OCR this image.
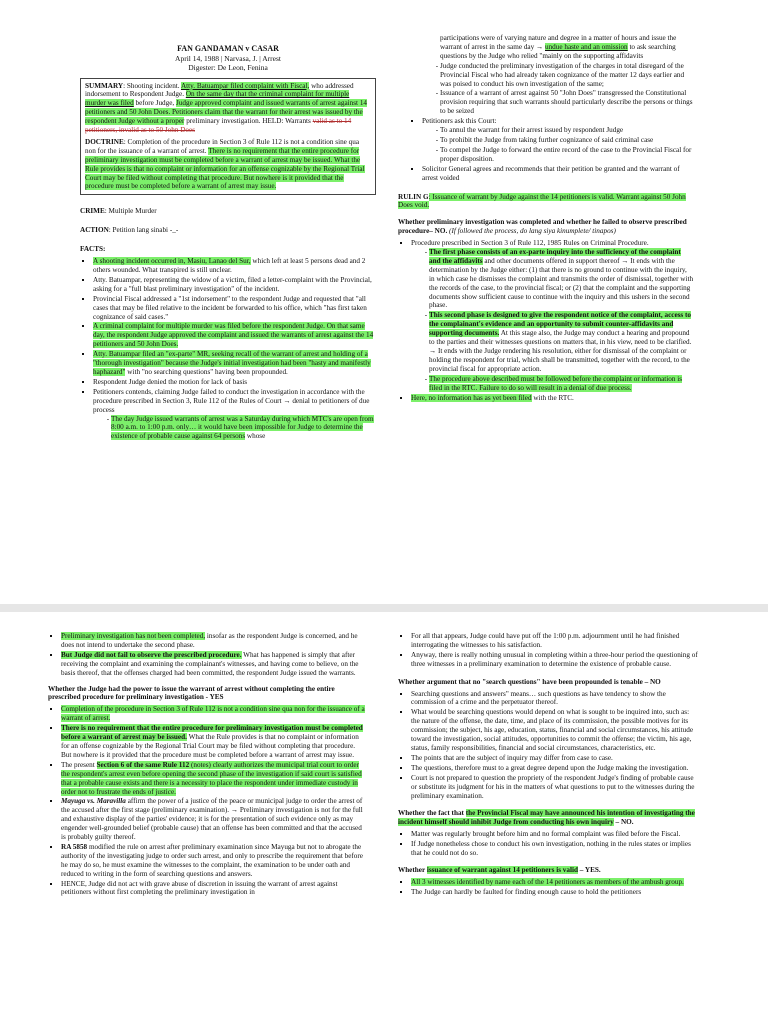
FAN GANDAMAN v CASAR
April 14, 1988 | Narvasa, J. | Arrest
Digester: De Leon, Fenina

SUMMARY: Shooting incident. Atty. Batuampar filed complaint with Fiscal, who addressed indorsement to Respondent Judge. On the same day that the criminal complaint for multiple murder was filed before Judge, Judge approved complaint and issued warrants of arrest against 14 petitioners and 50 John Does. Petitioners claim that the warrant for their arrest was issued by the respondent Judge without a proper preliminary investigation. HELD: Warrants valid as to 14 petitioners, invalid as to 50 John Does

DOCTRINE: Completion of the procedure in Section 3 of Rule 112 is not a condition sine qua non for the issuance of a warrant of arrest. There is no requirement that the entire procedure for preliminary investigation must be completed before a warrant of arrest may be issued. What the Rule provides is that no complaint or information for an offense cognizable by the Regional Trial Court may be filed without completing that procedure. But nowhere is it provided that the procedure must be completed before a warrant of arrest may issue.

CRIME: Multiple Murder
ACTION: Petition lang sinabi -_-
FACTS:
▪ A shooting incident occurred in, Masiu, Lanao del Sur, which left at least 5 persons dead and 2 others wounded. What transpired is still unclear.
▪ Atty. Batuampar, representing the widow of a victim, filed a letter-complaint with the Provincial, asking for a "full blast preliminary investigation" of the incident.
▪ Provincial Fiscal addressed a "1st indorsement" to the respondent Judge and requested that "all cases that may be filed relative to the incident be forwarded to his office, which "has first taken cognizance of said cases."
▪ A criminal complaint for multiple murder was filed before the respondent Judge. On that same day, the respondent Judge approved the complaint and issued the warrants of arrest against the 14 petitioners and 50 John Does.
▪ Atty. Batuampar filed an "ex-parte" MR, seeking recall of the warrant of arrest and holding of a "thorough investigation" because the Judge's initial investigation had been "hasty and manifestly haphazard" with "no searching questions" having been propounded.
▪ Respondent Judge denied the motion for lack of basis
▪ Petitioners contends, claiming Judge failed to conduct the investigation in accordance with the procedure prescribed in Section 3, Rule 112 of the Rules of Court → denial to petitioners of due process
- The day Judge issued warrants of arrest was a Saturday during which MTC's are open from 8:00 a.m. to 1:00 p.m. only… it would have been impossible for Judge to determine the existence of probable cause against 64 persons whose
participations were of varying nature and degree in a matter of hours and issue the warrant of arrest in the same day → undue haste and an omission to ask searching questions by the Judge who relied "mainly on the supporting affidavits
- Judge conducted the preliminary investigation of the charges in total disregard of the Provincial Fiscal who had already taken cognizance of the matter 12 days earlier and was poised to conduct his own investigation of the same;
- Issuance of a warrant of arrest against 50 "John Does" transgressed the Constitutional provision requiring that such warrants should particularly describe the persons or things to be seized
▪ Petitioners ask this Court:
- To annul the warrant for their arrest issued by respondent Judge
- To prohibit the Judge from taking further cognizance of said criminal case
- To compel the Judge to forward the entire record of the case to the Provincial Fiscal for proper disposition.
▪ Solicitor General agrees and recommends that their petition be granted and the warrant of arrest voided

RULIN G: Issuance of warrant by Judge against the 14 petitioners is valid. Warrant against 50 John Does void.

Whether preliminary investigation was completed and whether he failed to observe prescribed procedure– NO. (If followed the process, do lang siya kinumplete/ tinapos)

▪ Procedure prescribed in Section 3 of Rule 112, 1985 Rules on Criminal Procedure.
- The first phase consists of an ex-parte inquiry into the sufficiency of the complaint and the affidavits and other documents offered in support thereof → It ends with the determination by the Judge either: (1) that there is no ground to continue with the inquiry, in which case he dismisses the complaint and transmits the order of dismissal, together with the records of the case, to the provincial fiscal; or (2) that the complaint and the supporting documents show sufficient cause to continue with the inquiry and this ushers in the second phase.
- This second phase is designed to give the respondent notice of the complaint, access to the complainant's evidence and an opportunity to submit counter-affidavits and supporting documents. At this stage also, the Judge may conduct a hearing and propound to the parties and their witnesses questions on matters that, in his view, need to be clarified. → It ends with the Judge rendering his resolution, either for dismissal of the complaint or holding the respondent for trial, which shall be transmitted, together with the record, to the provincial fiscal for appropriate action.
- The procedure above described must be followed before the complaint or information is filed in the RTC. Failure to do so will result in a denial of due process.
▪ Here, no information has as yet been filed with the RTC.
▪ Preliminary investigation has not been completed, insofar as the respondent Judge is concerned, and he does not intend to undertake the second phase.
▪ But Judge did not fail to observe the prescribed procedure. What has happened is simply that after receiving the complaint and examining the complainant's witnesses, and having come to believe, on the basis thereof, that the offenses charged had been committed, the respondent Judge issued the warrants.

Whether the Judge had the power to issue the warrant of arrest without completing the entire prescribed procedure for preliminary investigation - YES

▪ Completion of the procedure in Section 3 of Rule 112 is not a condition sine qua non for the issuance of a warrant of arrest.
▪ There is no requirement that the entire procedure for preliminary investigation must be completed before a warrant of arrest may be issued. What the Rule provides is that no complaint or information for an offense cognizable by the Regional Trial Court may be filed without completing that procedure. But nowhere is it provided that the procedure must be completed before a warrant of arrest may issue.
▪ The present Section 6 of the same Rule 112 (notes) clearly authorizes the municipal trial court to order the respondent's arrest even before opening the second phase of the investigation if said court is satisfied that a probable cause exists and there is a necessity to place the respondent under immediate custody in order not to frustrate the ends of justice.
▪ Mayuga vs. Maravilla affirm the power of a justice of the peace or municipal judge to order the arrest of the accused after the first stage (preliminary examination). → Preliminary investigation is not for the full and exhaustive display of the parties' evidence; it is for the presentation of such evidence only as may engender well-grounded belief (probable cause) that an offense has been committed and that the accused is probably guilty thereof.
▪ RA 5858 modified the rule on arrest after preliminary examination since Mayuga but not to abrogate the authority of the investigating judge to order such arrest, and only to prescribe the requirement that before he may do so, he must examine the witnesses to the complaint, the examination to be under oath and reduced to writing in the form of searching questions and answers.
▪ HENCE, Judge did not act with grave abuse of discretion in issuing the warrant of arrest against petitioners without first completing the preliminary investigation in
▪ For all that appears, Judge could have put off the 1:00 p.m. adjournment until he had finished interrogating the witnesses to his satisfaction.
▪ Anyway, there is really nothing unusual in completing within a three-hour period the questioning of three witnesses in a preliminary examination to determine the existence of probable cause.

Whether argument that no "search questions" have been propounded is tenable – NO

▪ Searching questions and answers" means… such questions as have tendency to show the commission of a crime and the perpetuator thereof.
▪ What would be searching questions would depend on what is sought to be inquired into, such as: the nature of the offense, the date, time, and place of its commission, the possible motives for its commission; the subject, his age, education, status, financial and social circumstances, his attitude toward the investigation, social attitudes, opportunities to commit the offense; the victim, his age, status, family responsibilities, financial and social circumstances, characteristics, etc.
▪ The points that are the subject of inquiry may differ from case to case.
▪ The questions, therefore must to a great degree depend upon the Judge making the investigation.
▪ Court is not prepared to question the propriety of the respondent Judge's finding of probable cause or substitute its judgment for his in the matters of what questions to put to the witnesses during the preliminary examination.

Whether the fact that the Provincial Fiscal may have announced his intention of investigating the incident himself should inhibit Judge from conducting his own inquiry – NO.

▪ Matter was regularly brought before him and no formal complaint was filed before the Fiscal.
▪ If Judge nonetheless chose to conduct his own investigation, nothing in the rules states or implies that he could not do so.

Whether issuance of warrant against 14 petitioners is valid – YES.

▪ All 3 witnesses identified by name each of the 14 petitioners as members of the ambush group.
▪ The Judge can hardly be faulted for finding enough cause to hold the petitioners
